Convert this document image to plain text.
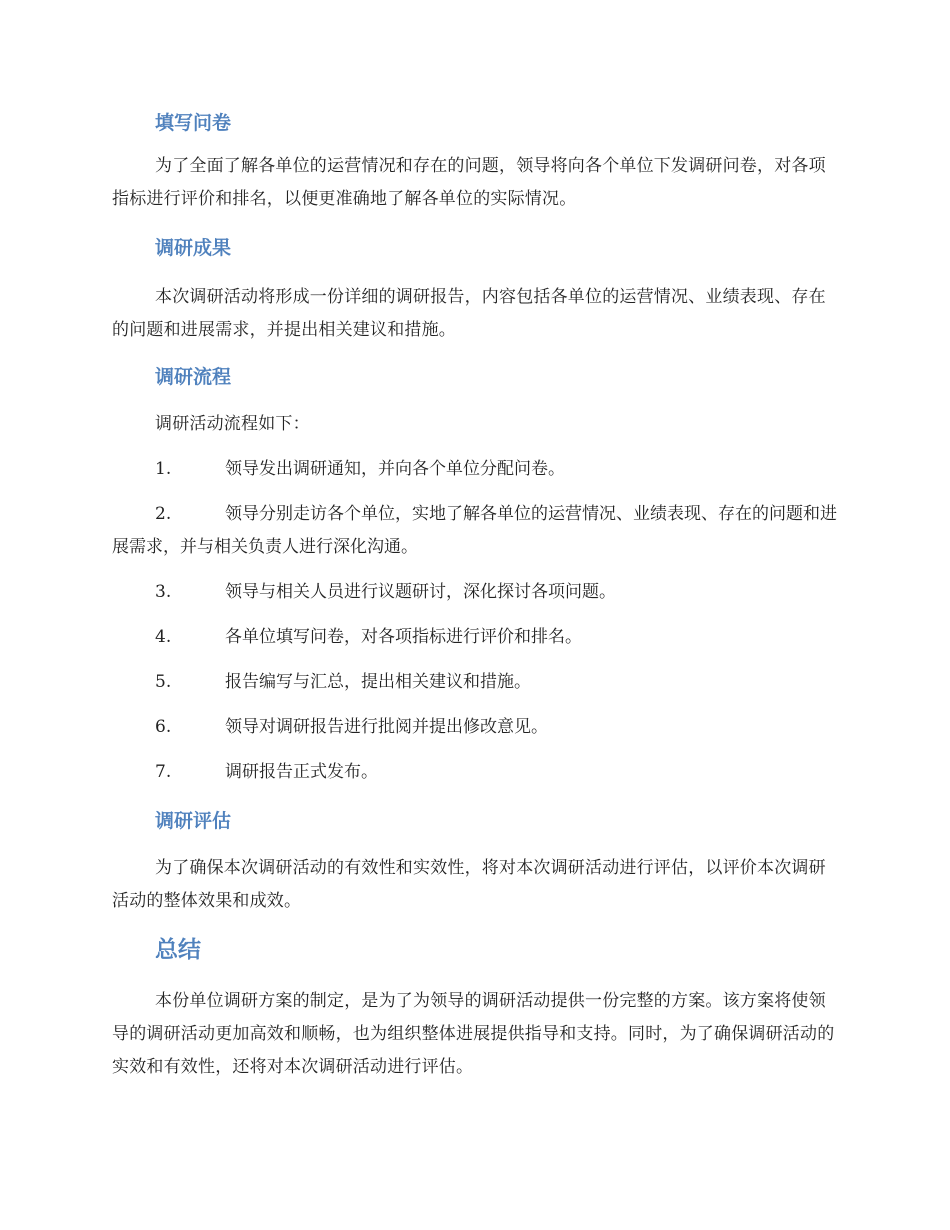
填写问卷

为了全面了解各单位的运营情况和存在的问题，领导将向各个单位下发调研问卷，对各项指标进行评价和排名，以便更准确地了解各单位的实际情况。

调研成果

本次调研活动将形成一份详细的调研报告，内容包括各单位的运营情况、业绩表现、存在的问题和进展需求，并提出相关建议和措施。

调研流程

调研活动流程如下：

1.	领导发出调研通知，并向各个单位分配问卷。

2.	领导分别走访各个单位，实地了解各单位的运营情况、业绩表现、存在的问题和进展需求，并与相关负责人进行深化沟通。

3.	领导与相关人员进行议题研讨，深化探讨各项问题。

4.	各单位填写问卷，对各项指标进行评价和排名。

5.	报告编写与汇总，提出相关建议和措施。

6.	领导对调研报告进行批阅并提出修改意见。

7.	调研报告正式发布。

调研评估

为了确保本次调研活动的有效性和实效性，将对本次调研活动进行评估，以评价本次调研活动的整体效果和成效。

总结

本份单位调研方案的制定，是为了为领导的调研活动提供一份完整的方案。该方案将使领导的调研活动更加高效和顺畅，也为组织整体进展提供指导和支持。同时，为了确保调研活动的实效和有效性，还将对本次调研活动进行评估。
